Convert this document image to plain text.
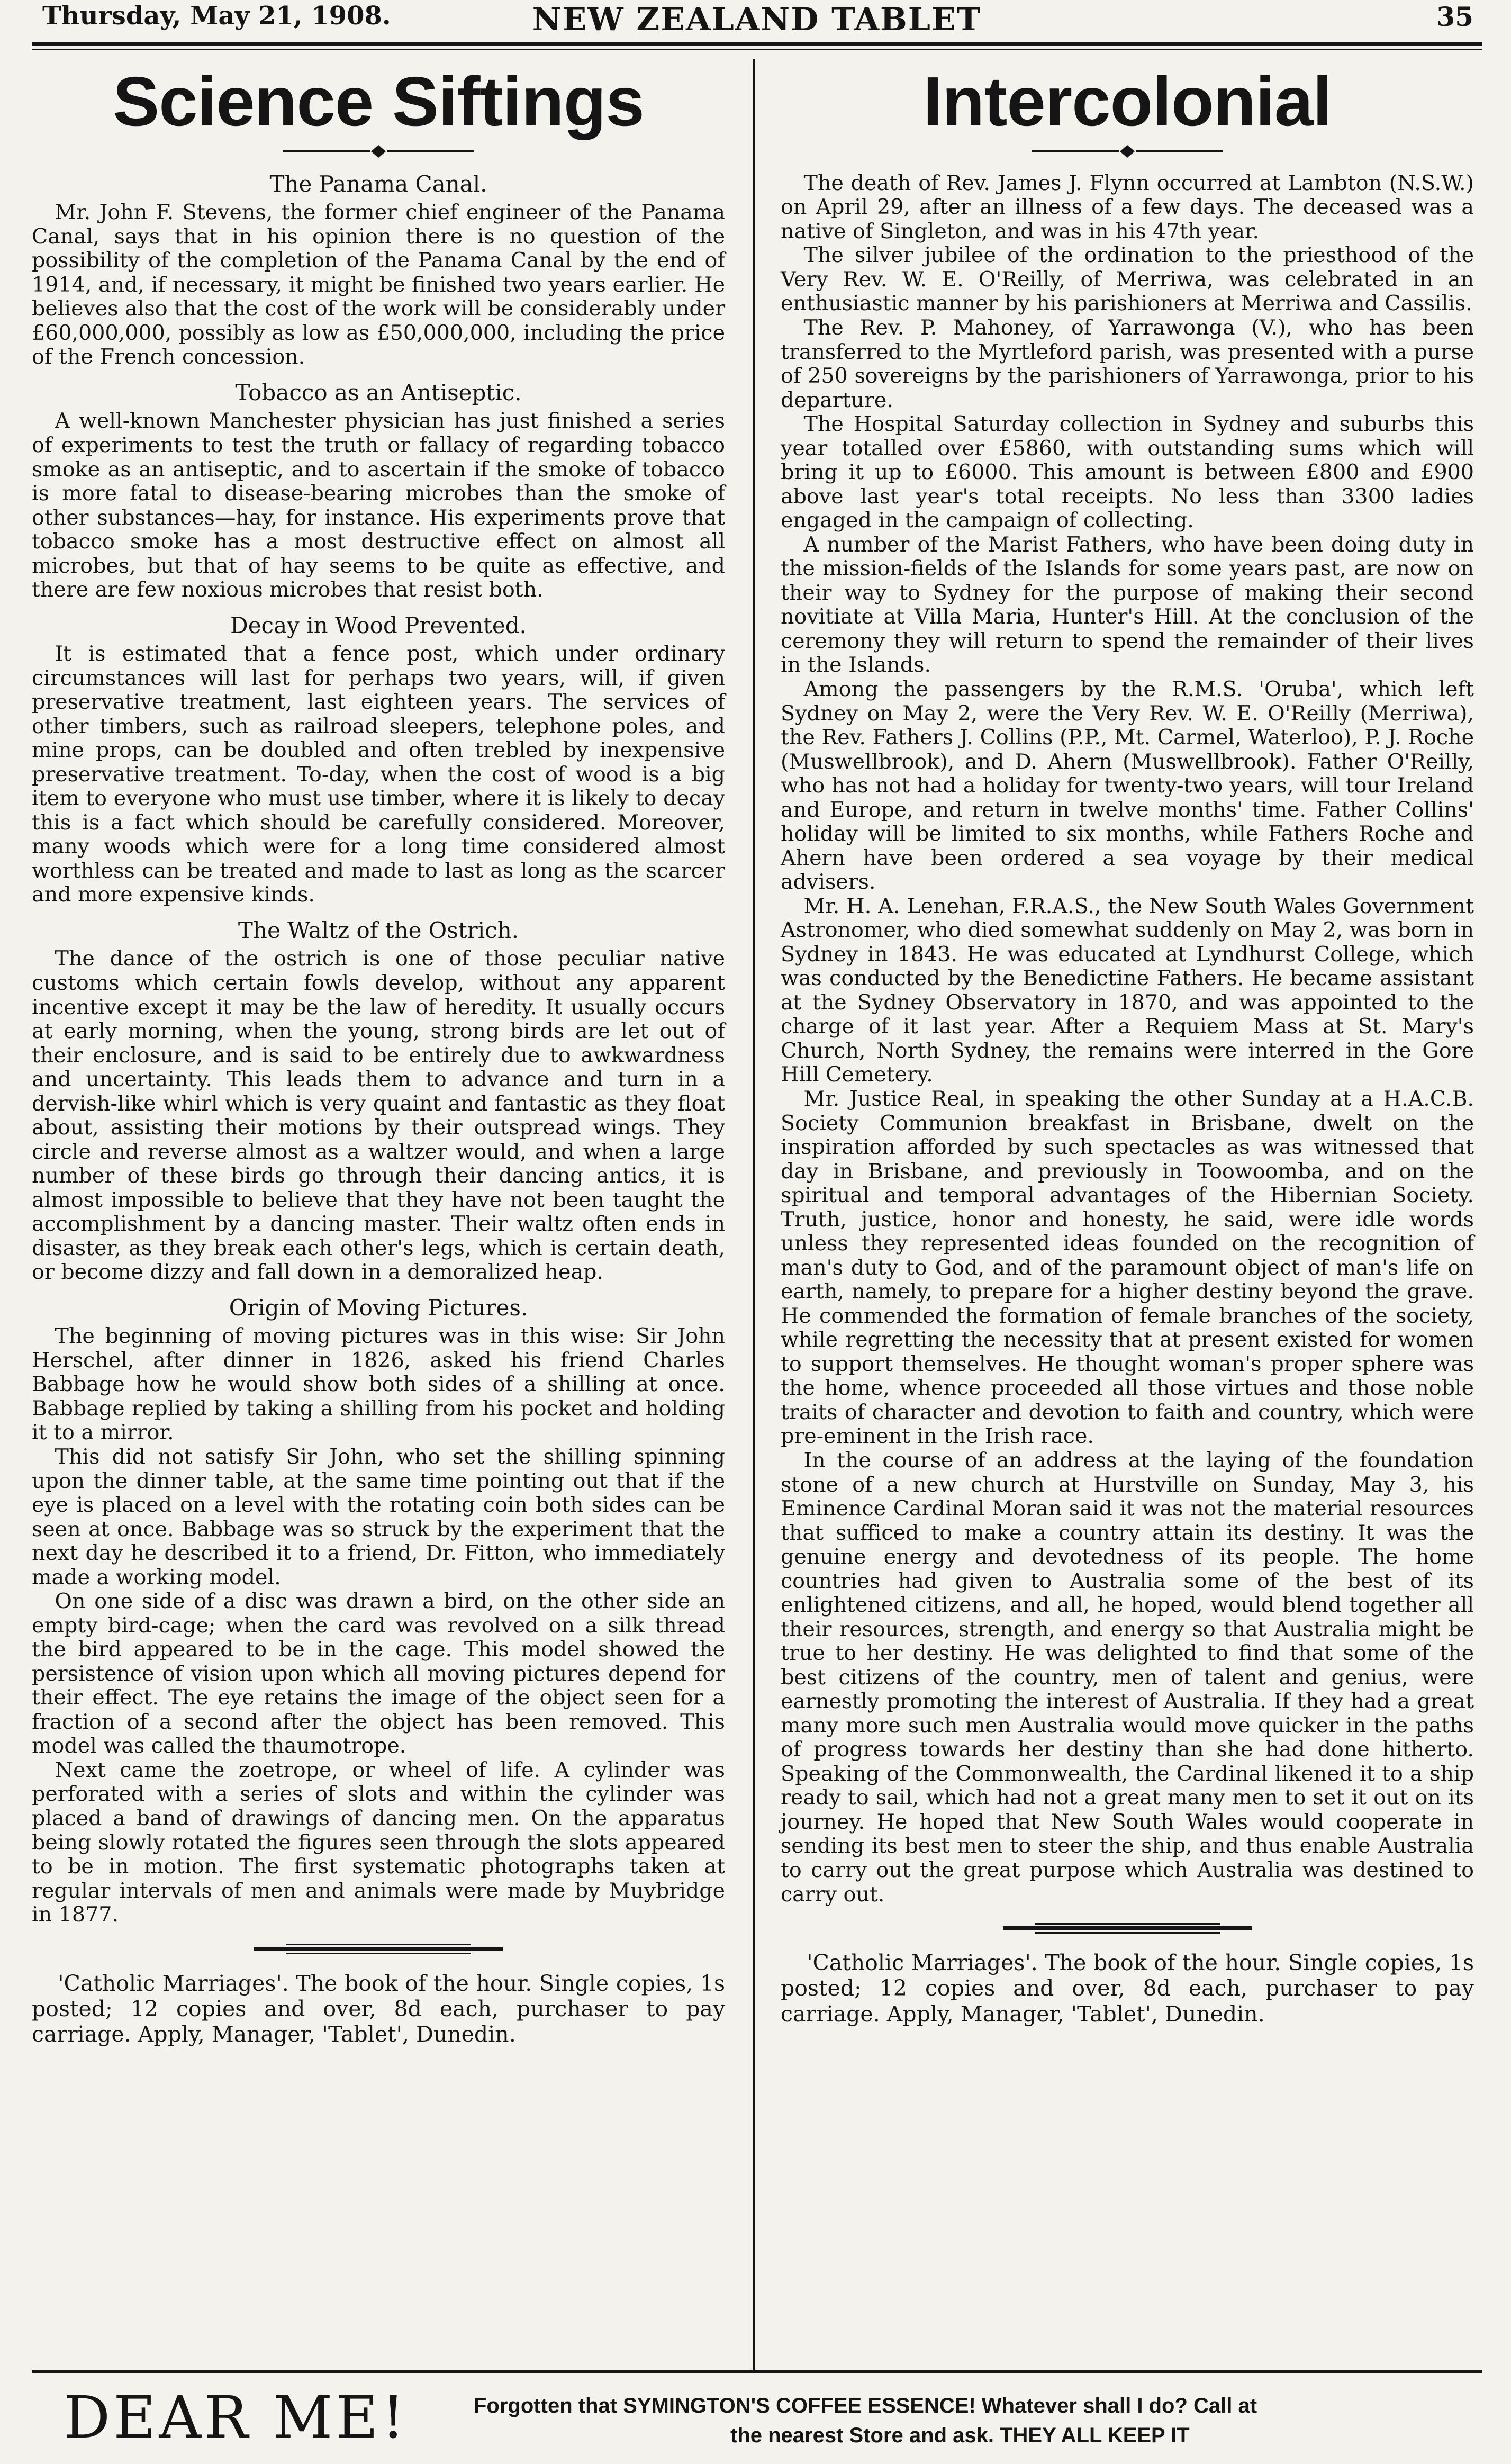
Thursday, May 21, 1908.	NEW ZEALAND TABLET	35
Science Siftings
The Panama Canal.

Mr. John F. Stevens, the former chief engineer of the Panama Canal, says that in his opinion there is no question of the possibility of the completion of the Panama Canal by the end of 1914, and, if necessary, it might be finished two years earlier. He believes also that the cost of the work will be considerably under £60,000,000, possibly as low as £50,000,000, including the price of the French concession.

Tobacco as an Antiseptic.

A well-known Manchester physician has just finished a series of experiments to test the truth or fallacy of regarding tobacco smoke as an antiseptic, and to ascertain if the smoke of tobacco is more fatal to disease-bearing microbes than the smoke of other substances—hay, for instance. His experiments prove that tobacco smoke has a most destructive effect on almost all microbes, but that of hay seems to be quite as effective, and there are few noxious microbes that resist both.

Decay in Wood Prevented.

It is estimated that a fence post, which under ordinary circumstances will last for perhaps two years, will, if given preservative treatment, last eighteen years. The services of other timbers, such as railroad sleepers, telephone poles, and mine props, can be doubled and often trebled by inexpensive preservative treatment. To-day, when the cost of wood is a big item to everyone who must use timber, where it is likely to decay this is a fact which should be carefully considered. Moreover, many woods which were for a long time considered almost worthless can be treated and made to last as long as the scarcer and more expensive kinds.

The Waltz of the Ostrich.

The dance of the ostrich is one of those peculiar native customs which certain fowls develop, without any apparent incentive except it may be the law of heredity. It usually occurs at early morning, when the young, strong birds are let out of their enclosure, and is said to be entirely due to awkwardness and uncertainty. This leads them to advance and turn in a dervish-like whirl which is very quaint and fantastic as they float about, assisting their motions by their outspread wings. They circle and reverse almost as a waltzer would, and when a large number of these birds go through their dancing antics, it is almost impossible to believe that they have not been taught the accomplishment by a dancing master. Their waltz often ends in disaster, as they break each other's legs, which is certain death, or become dizzy and fall down in a demoralized heap.

Origin of Moving Pictures.

The beginning of moving pictures was in this wise: Sir John Herschel, after dinner in 1826, asked his friend Charles Babbage how he would show both sides of a shilling at once. Babbage replied by taking a shilling from his pocket and holding it to a mirror.

This did not satisfy Sir John, who set the shilling spinning upon the dinner table, at the same time pointing out that if the eye is placed on a level with the rotating coin both sides can be seen at once. Babbage was so struck by the experiment that the next day he described it to a friend, Dr. Fitton, who immediately made a working model.

On one side of a disc was drawn a bird, on the other side an empty bird-cage; when the card was revolved on a silk thread the bird appeared to be in the cage. This model showed the persistence of vision upon which all moving pictures depend for their effect. The eye retains the image of the object seen for a fraction of a second after the object has been removed. This model was called the thaumotrope.

Next came the zoetrope, or wheel of life. A cylinder was perforated with a series of slots and within the cylinder was placed a band of drawings of dancing men. On the apparatus being slowly rotated the figures seen through the slots appeared to be in motion. The first systematic photographs taken at regular intervals of men and animals were made by Muybridge in 1877.

'Catholic Marriages'. The book of the hour. Single copies, 1s posted; 12 copies and over, 8d each, purchaser to pay carriage. Apply, Manager, 'Tablet', Dunedin.

Intercolonial

The death of Rev. James J. Flynn occurred at Lambton (N.S.W.) on April 29, after an illness of a few days. The deceased was a native of Singleton, and was in his 47th year.

The silver jubilee of the ordination to the priesthood of the Very Rev. W. E. O'Reilly, of Merriwa, was celebrated in an enthusiastic manner by his parishioners at Merriwa and Cassilis.

The Rev. P. Mahoney, of Yarrawonga (V.), who has been transferred to the Myrtleford parish, was presented with a purse of 250 sovereigns by the parishioners of Yarrawonga, prior to his departure.

The Hospital Saturday collection in Sydney and suburbs this year totalled over £5860, with outstanding sums which will bring it up to £6000. This amount is between £800 and £900 above last year's total receipts. No less than 3300 ladies engaged in the campaign of collecting.

A number of the Marist Fathers, who have been doing duty in the mission-fields of the Islands for some years past, are now on their way to Sydney for the purpose of making their second novitiate at Villa Maria, Hunter's Hill. At the conclusion of the ceremony they will return to spend the remainder of their lives in the Islands.

Among the passengers by the R.M.S. 'Oruba', which left Sydney on May 2, were the Very Rev. W. E. O'Reilly (Merriwa), the Rev. Fathers J. Collins (P.P., Mt. Carmel, Waterloo), P. J. Roche (Muswellbrook), and D. Ahern (Muswellbrook). Father O'Reilly, who has not had a holiday for twenty-two years, will tour Ireland and Europe, and return in twelve months' time. Father Collins' holiday will be limited to six months, while Fathers Roche and Ahern have been ordered a sea voyage by their medical advisers.

Mr. H. A. Lenehan, F.R.A.S., the New South Wales Government Astronomer, who died somewhat suddenly on May 2, was born in Sydney in 1843. He was educated at Lyndhurst College, which was conducted by the Benedictine Fathers. He became assistant at the Sydney Observatory in 1870, and was appointed to the charge of it last year. After a Requiem Mass at St. Mary's Church, North Sydney, the remains were interred in the Gore Hill Cemetery.

Mr. Justice Real, in speaking the other Sunday at a H.A.C.B. Society Communion breakfast in Brisbane, dwelt on the inspiration afforded by such spectacles as was witnessed that day in Brisbane, and previously in Toowoomba, and on the spiritual and temporal advantages of the Hibernian Society. Truth, justice, honor and honesty, he said, were idle words unless they represented ideas founded on the recognition of man's duty to God, and of the paramount object of man's life on earth, namely, to prepare for a higher destiny beyond the grave. He commended the formation of female branches of the society, while regretting the necessity that at present existed for women to support themselves. He thought woman's proper sphere was the home, whence proceeded all those virtues and those noble traits of character and devotion to faith and country, which were pre-eminent in the Irish race.

In the course of an address at the laying of the foundation stone of a new church at Hurstville on Sunday, May 3, his Eminence Cardinal Moran said it was not the material resources that sufficed to make a country attain its destiny. It was the genuine energy and devotedness of its people. The home countries had given to Australia some of the best of its enlightened citizens, and all, he hoped, would blend together all their resources, strength, and energy so that Australia might be true to her destiny. He was delighted to find that some of the best citizens of the country, men of talent and genius, were earnestly promoting the interest of Australia. If they had a great many more such men Australia would move quicker in the paths of progress towards her destiny than she had done hitherto. Speaking of the Commonwealth, the Cardinal likened it to a ship ready to sail, which had not a great many men to set it out on its journey. He hoped that New South Wales would cooperate in sending its best men to steer the ship, and thus enable Australia to carry out the great purpose which Australia was destined to carry out.

'Catholic Marriages'. The book of the hour. Single copies, 1s posted; 12 copies and over, 8d each, purchaser to pay carriage. Apply, Manager, 'Tablet', Dunedin.

DEAR ME!	Forgotten that SYMINGTON'S COFFEE ESSENCE! Whatever shall I do? Call at
the nearest Store and ask. THEY ALL KEEP IT
